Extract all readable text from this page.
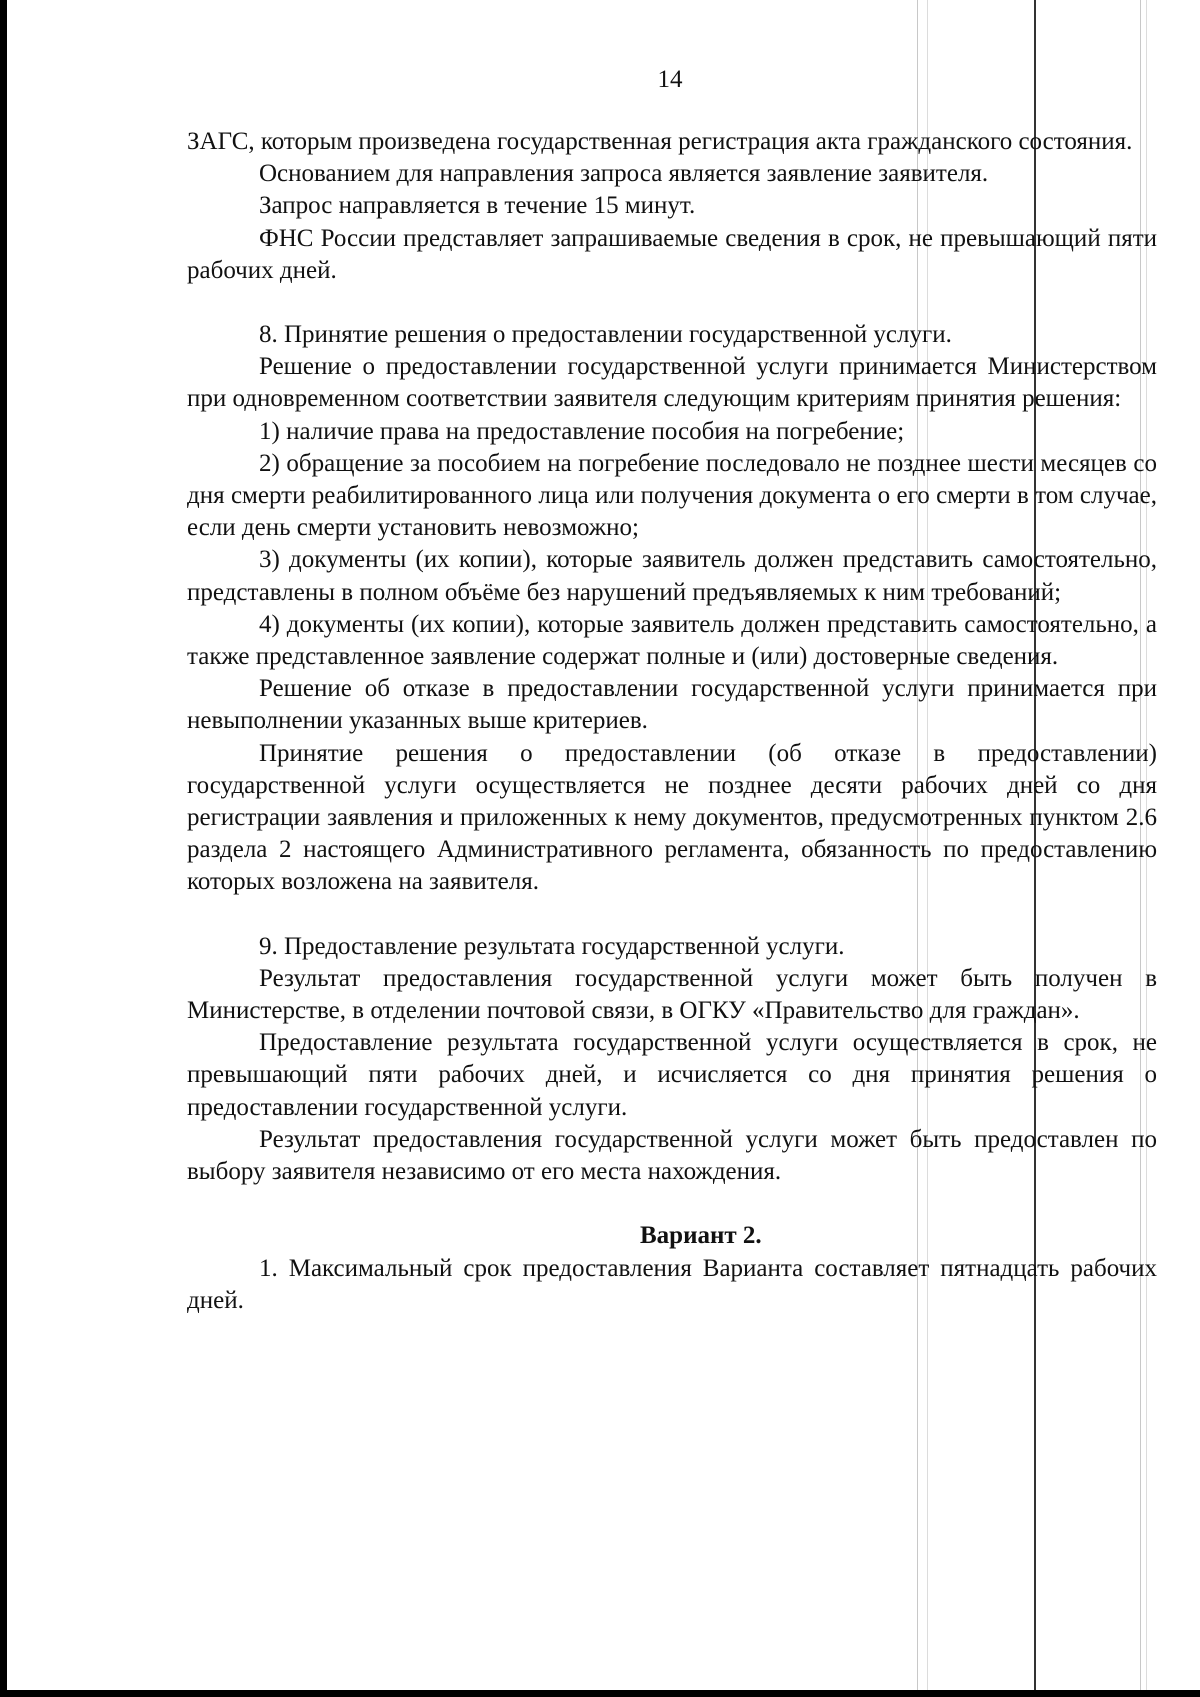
14

ЗАГС, которым произведена государственная регистрация акта гражданского состояния.

Основанием для направления запроса является заявление заявителя.

Запрос направляется в течение 15 минут.

ФНС России представляет запрашиваемые сведения в срок, не превышающий пяти рабочих дней.

8. Принятие решения о предоставлении государственной услуги.

Решение о предоставлении государственной услуги принимается Министерством при одновременном соответствии заявителя следующим критериям принятия решения:

1) наличие права на предоставление пособия на погребение;

2) обращение за пособием на погребение последовало не позднее шести месяцев со дня смерти реабилитированного лица или получения документа о его смерти в том случае, если день смерти установить невозможно;

3) документы (их копии), которые заявитель должен представить самостоятельно, представлены в полном объёме без нарушений предъявляемых к ним требований;

4) документы (их копии), которые заявитель должен представить самостоятельно, а также представленное заявление содержат полные и (или) достоверные сведения.

Решение об отказе в предоставлении государственной услуги принимается при невыполнении указанных выше критериев.

Принятие решения о предоставлении (об отказе в предоставлении) государственной услуги осуществляется не позднее десяти рабочих дней со дня регистрации заявления и приложенных к нему документов, предусмотренных пунктом 2.6 раздела 2 настоящего Административного регламента, обязанность по предоставлению которых возложена на заявителя.

9. Предоставление результата государственной услуги.

Результат предоставления государственной услуги может быть получен в Министерстве, в отделении почтовой связи, в ОГКУ «Правительство для граждан».

Предоставление результата государственной услуги осуществляется в срок, не превышающий пяти рабочих дней, и исчисляется со дня принятия решения о предоставлении государственной услуги.

Результат предоставления государственной услуги может быть предоставлен по выбору заявителя независимо от его места нахождения.

Вариант 2.

1. Максимальный срок предоставления Варианта составляет пятнадцать рабочих дней.
